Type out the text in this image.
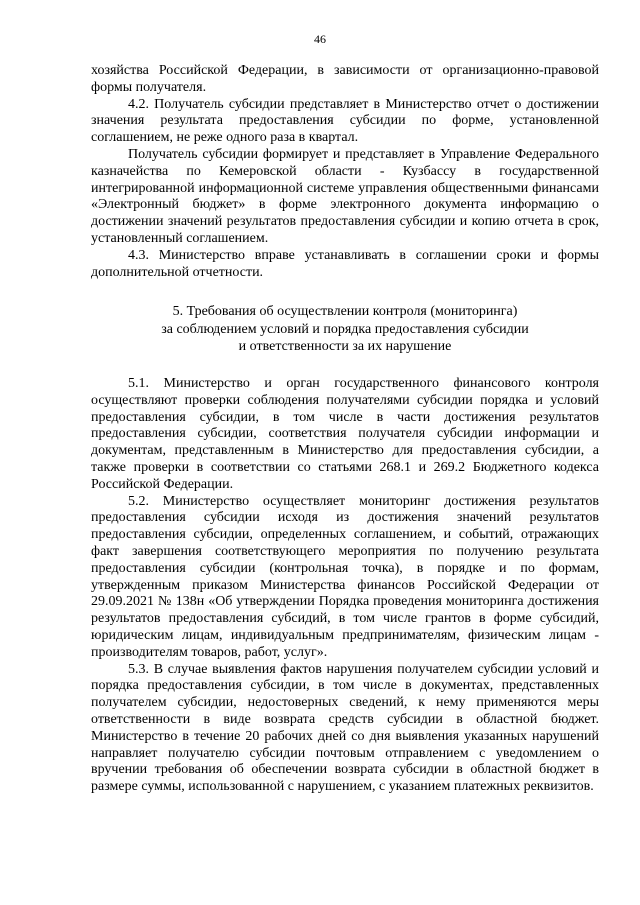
46

хозяйства Российской Федерации, в зависимости от организационно-правовой формы получателя.

4.2. Получатель субсидии представляет в Министерство отчет о достижении значения результата предоставления субсидии по форме, установленной соглашением, не реже одного раза в квартал.

Получатель субсидии формирует и представляет в Управление Федерального казначейства по Кемеровской области - Кузбассу в государственной интегрированной информационной системе управления общественными финансами «Электронный бюджет» в форме электронного документа информацию о достижении значений результатов предоставления субсидии и копию отчета в срок, установленный соглашением.

4.3. Министерство вправе устанавливать в соглашении сроки и формы дополнительной отчетности.

5. Требования об осуществлении контроля (мониторинга)
за соблюдением условий и порядка предоставления субсидии
и ответственности за их нарушение

5.1. Министерство и орган государственного финансового контроля осуществляют проверки соблюдения получателями субсидии порядка и условий предоставления субсидии, в том числе в части достижения результатов предоставления субсидии, соответствия получателя субсидии информации и документам, представленным в Министерство для предоставления субсидии, а также проверки в соответствии со статьями 268.1 и 269.2 Бюджетного кодекса Российской Федерации.

5.2. Министерство осуществляет мониторинг достижения результатов предоставления субсидии исходя из достижения значений результатов предоставления субсидии, определенных соглашением, и событий, отражающих факт завершения соответствующего мероприятия по получению результата предоставления субсидии (контрольная точка), в порядке и по формам, утвержденным приказом Министерства финансов Российской Федерации от 29.09.2021 № 138н «Об утверждении Порядка проведения мониторинга достижения результатов предоставления субсидий, в том числе грантов в форме субсидий, юридическим лицам, индивидуальным предпринимателям, физическим лицам - производителям товаров, работ, услуг».

5.3. В случае выявления фактов нарушения получателем субсидии условий и порядка предоставления субсидии, в том числе в документах, представленных получателем субсидии, недостоверных сведений, к нему применяются меры ответственности в виде возврата средств субсидии в областной бюджет. Министерство в течение 20 рабочих дней со дня выявления указанных нарушений направляет получателю субсидии почтовым отправлением с уведомлением о вручении требования об обеспечении возврата субсидии в областной бюджет в размере суммы, использованной с нарушением, с указанием платежных реквизитов.
